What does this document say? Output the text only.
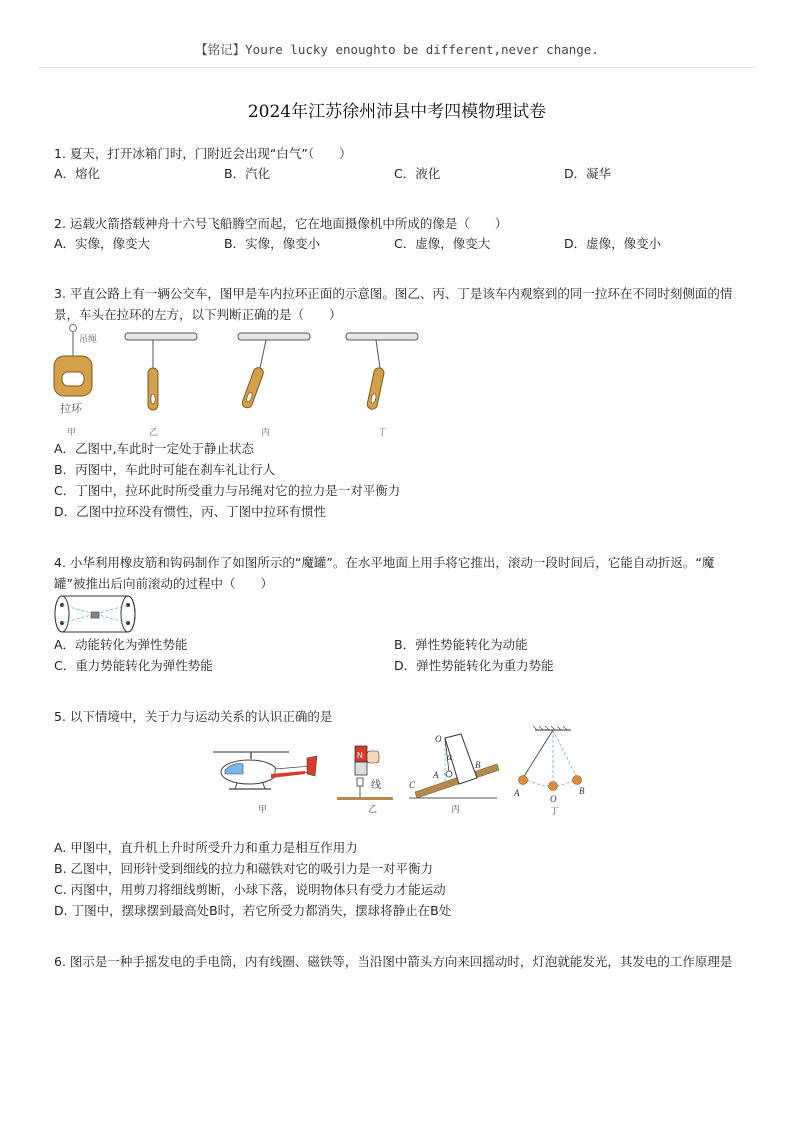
【铭记】Youre lucky enoughto be different,never change.
2024年江苏徐州沛县中考四模物理试卷
1. 夏天，打开冰箱门时，门附近会出现“白气”（　　）
A．熔化	B．汽化	C．液化	D．凝华
2. 运载火箭搭载神舟十六号飞船腾空而起，它在地面摄像机中所成的像是（　　）
A．实像，像变大	B．实像，像变小	C．虚像，像变大	D．虚像，像变小
3. 平直公路上有一辆公交车，图甲是车内拉环正面的示意图。图乙、丙、丁是该车内观察到的同一拉环在不同时刻侧面的情景，车头在拉环的左方，以下判断正确的是（　　）
吊绳
拉环
甲	乙	丙	丁
A．乙图中,车此时一定处于静止状态
B．丙图中，车此时可能在刹车礼让行人
C．丁图中，拉环此时所受重力与吊绳对它的拉力是一对平衡力
D．乙图中拉环没有惯性，丙、丁图中拉环有惯性
4. 小华利用橡皮筋和钩码制作了如图所示的“魔罐”。在水平地面上用手将它推出，滚动一段时间后，它能自动折返。“魔罐”被推出后向前滚动的过程中（　　）
A．动能转化为弹性势能	B．弹性势能转化为动能
C．重力势能转化为弹性势能	D．弹性势能转化为重力势能
5. 以下情境中，关于力与运动关系的认识正确的是
甲
N
线
乙
O
α
A
B
C
丙
A
O
B
丁
A. 甲图中，直升机上升时所受升力和重力是相互作用力
B. 乙图中，回形针受到细线的拉力和磁铁对它的吸引力是一对平衡力
C. 丙图中，用剪刀将细线剪断，小球下落，说明物体只有受力才能运动
D. 丁图中，摆球摆到最高处B时，若它所受力都消失，摆球将静止在B处
6. 图示是一种手摇发电的手电筒，内有线圈、磁铁等，当沿图中箭头方向来回摇动时，灯泡就能发光，其发电的工作原理是
